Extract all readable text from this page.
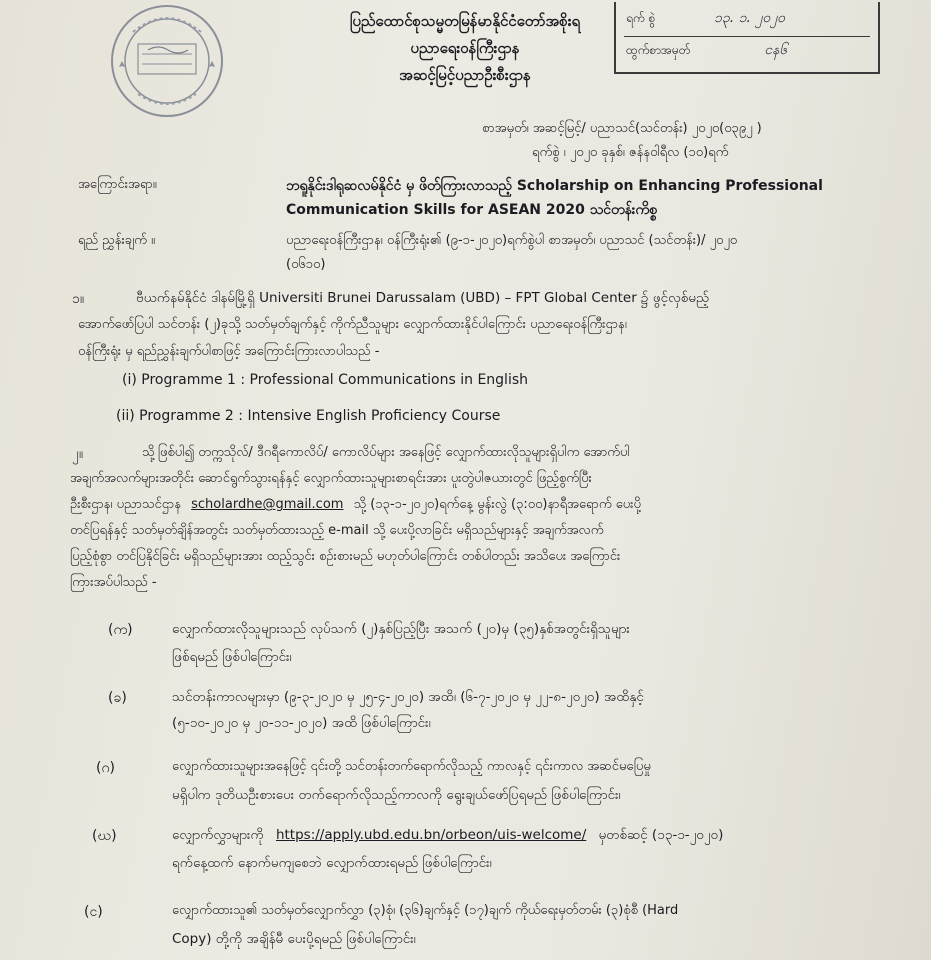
ပြည်ထောင်စုသမ္မတမြန်မာနိုင်ငံတော်အစိုးရ
ပညာရေးဝန်ကြီးဌာန
အဆင့်မြင့်ပညာဦးစီးဌာန
ရက် စွဲ	၁၃. ၁. ၂၀၂၀
ထွက်စာအမှတ်	ငန၆
စာအမှတ်၊ အဆင့်မြင့်/ ပညာသင်(သင်တန်း) ၂၀၂၀(၀၃၉၂ )
ရက်စွဲ ၊ ၂၀၂၀ ခုနှစ်၊ ဇန်နဝါရီလ (၁၀)ရက်
အကြောင်းအရာ။	ဘရူနိုင်းဒါရုဆလမ်နိုင်ငံ မှ ဖိတ်ကြားလာသည့် Scholarship on Enhancing Professional
Communication Skills for ASEAN 2020 သင်တန်းကိစ္စ
ရည် ညွှန်းချက် ။	ပညာရေးဝန်ကြီးဌာန၊ ဝန်ကြီးရုံး၏ (၉-၁-၂၀၂၀)ရက်စွဲပါ စာအမှတ်၊ ပညာသင် (သင်တန်း)/ ၂၀၂၀
(၀၆၁၀)
၁။	ဗီယက်နမ်နိုင်ငံ ဒါနမ်မြို့ရှိ Universiti Brunei Darussalam (UBD) – FPT Global Center ၌ ဖွင့်လှစ်မည့်
အောက်ဖော်ပြပါ သင်တန်း (၂)ခုသို့ သတ်မှတ်ချက်နှင့် ကိုက်ညီသူများ လျှောက်ထားနိုင်ပါကြောင်း ပညာရေးဝန်ကြီးဌာန၊
ဝန်ကြီးရုံး မှ ရည်ညွှန်းချက်ပါစာဖြင့် အကြောင်းကြားလာပါသည် -
(i) Programme 1 : Professional Communications in English
(ii) Programme 2 : Intensive English Proficiency Course
၂။	သို့ဖြစ်ပါ၍ တက္ကသိုလ်/ ဒီဂရီကောလိပ်/ ကောလိပ်များ အနေဖြင့် လျှောက်ထားလိုသူများရှိပါက အောက်ပါ
အချက်အလက်များအတိုင်း ဆောင်ရွက်သွားရန်နှင့် လျှောက်ထားသူများစာရင်းအား ပူးတွဲပါဇယားတွင် ဖြည့်စွက်ပြီး
ဉီးစီးဌာန၊ ပညာသင်ဌာန scholardhe@gmail.com သို့ (၁၃-၁-၂၀၂၀)ရက်နေ့ မွန်းလွဲ (၃:၀၀)နာရီအရောက် ပေးပို့
တင်ပြရန်နှင့် သတ်မှတ်ချိန်အတွင်း သတ်မှတ်ထားသည့် e-mail သို့ ပေးပို့လာခြင်း မရှိသည်များနှင့် အချက်အလက်
ပြည့်စုံစွာ တင်ပြနိုင်ခြင်း မရှိသည်များအား ထည့်သွင်း စဉ်းစားမည် မဟုတ်ပါကြောင်း တစ်ပါတည်း အသိပေး အကြောင်း
ကြားအပ်ပါသည် -
(က)	လျှောက်ထားလိုသူများသည် လုပ်သက် (၂)နှစ်ပြည့်ပြီး အသက် (၂၀)မှ (၃၅)နှစ်အတွင်းရှိသူများ
ဖြစ်ရမည် ဖြစ်ပါကြောင်း၊
(ခ)	သင်တန်းကာလများမှာ (၉-၃-၂၀၂၀ မှ ၂၅-၄-၂၀၂၀) အထိ၊ (၆-၇-၂၀၂၀ မှ ၂၂-၈-၂၀၂၀) အထိနှင့်
(၅-၁၀-၂၀၂၀ မှ ၂၀-၁၁-၂၀၂၀) အထိ ဖြစ်ပါကြောင်း၊
(ဂ)	လျှောက်ထားသူများအနေဖြင့် ၎င်းတို့ သင်တန်းတက်ရောက်လိုသည့် ကာလနှင့် ၎င်းကာလ အဆင်မပြေမှု
မရှိပါက ဒုတိယဦးစားပေး တက်ရောက်လိုသည့်ကာလကို ရွေးချယ်ဖော်ပြရမည် ဖြစ်ပါကြောင်း၊
(ဃ)	လျှောက်လွှာများကို https://apply.ubd.edu.bn/orbeon/uis-welcome/ မှတစ်ဆင့် (၁၃-၁-၂၀၂၀)
ရက်နေ့ထက် နောက်မကျစေဘဲ လျှောက်ထားရမည် ဖြစ်ပါကြောင်း၊
(င)	လျှောက်ထားသူ၏ သတ်မှတ်လျှောက်လွှာ (၃)စုံ၊ (၃၆)ချက်နှင့် (၁၇)ချက် ကိုယ်ရေးမှတ်တမ်း (၃)စုံစီ (Hard
Copy) တို့ကို အချိန်မီ ပေးပို့ရမည် ဖြစ်ပါကြောင်း၊
